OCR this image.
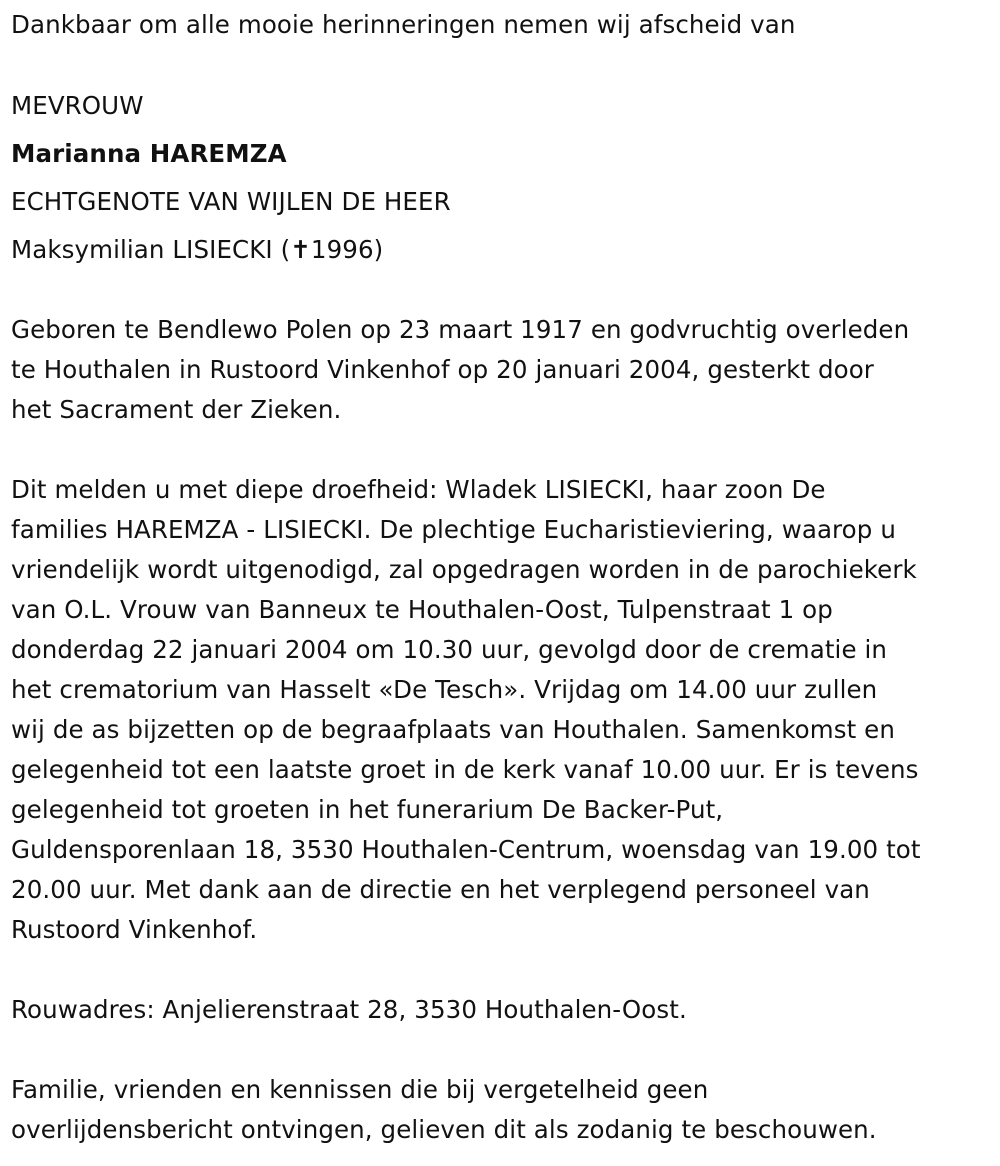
Dankbaar om alle mooie herinneringen nemen wij afscheid van
MEVROUW
Marianna HAREMZA
ECHTGENOTE VAN WIJLEN DE HEER
Maksymilian LISIECKI (✝1996)
Geboren te Bendlewo Polen op 23 maart 1917 en godvruchtig overleden
te Houthalen in Rustoord Vinkenhof op 20 januari 2004, gesterkt door
het Sacrament der Zieken.
Dit melden u met diepe droefheid: Wladek LISIECKI, haar zoon De
families HAREMZA - LISIECKI. De plechtige Eucharistieviering, waarop u
vriendelijk wordt uitgenodigd, zal opgedragen worden in de parochiekerk
van O.L. Vrouw van Banneux te Houthalen-Oost, Tulpenstraat 1 op
donderdag 22 januari 2004 om 10.30 uur, gevolgd door de crematie in
het crematorium van Hasselt «De Tesch». Vrijdag om 14.00 uur zullen
wij de as bijzetten op de begraafplaats van Houthalen. Samenkomst en
gelegenheid tot een laatste groet in de kerk vanaf 10.00 uur. Er is tevens
gelegenheid tot groeten in het funerarium De Backer-Put,
Guldensporenlaan 18, 3530 Houthalen-Centrum, woensdag van 19.00 tot
20.00 uur. Met dank aan de directie en het verplegend personeel van
Rustoord Vinkenhof.
Rouwadres: Anjelierenstraat 28, 3530 Houthalen-Oost.
Familie, vrienden en kennissen die bij vergetelheid geen
overlijdensbericht ontvingen, gelieven dit als zodanig te beschouwen.
